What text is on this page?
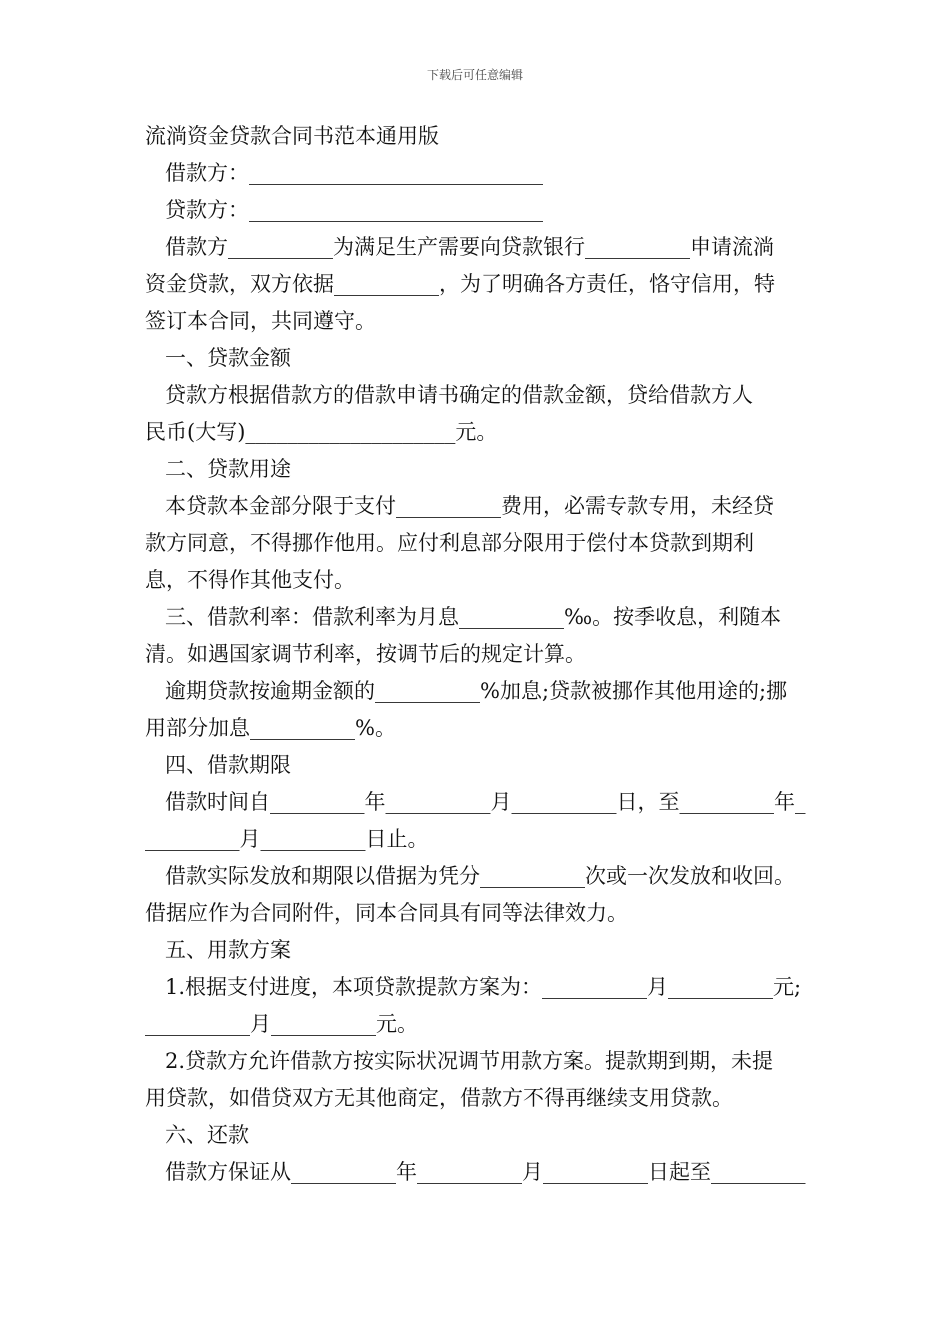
下载后可任意编辑
流淌资金贷款合同书范本通用版
借款方：____________________________
贷款方：____________________________
借款方__________为满足生产需要向贷款银行__________申请流淌
资金贷款，双方依据__________，为了明确各方责任，恪守信用，特
签订本合同，共同遵守。
一、贷款金额
贷款方根据借款方的借款申请书确定的借款金额，贷给借款方人
民币(大写)____________________元。
二、贷款用途
本贷款本金部分限于支付__________费用，必需专款专用，未经贷
款方同意，不得挪作他用。应付利息部分限用于偿付本贷款到期利
息，不得作其他支付。
三、借款利率：借款利率为月息__________‰。按季收息，利随本
清。如遇国家调节利率，按调节后的规定计算。
逾期贷款按逾期金额的__________%加息;贷款被挪作其他用途的;挪
用部分加息__________%。
四、借款期限
借款时间自_________年__________月__________日，至_________年_
_________月__________日止。
借款实际发放和期限以借据为凭分__________次或一次发放和收回。
借据应作为合同附件，同本合同具有同等法律效力。
五、用款方案
1.根据支付进度，本项贷款提款方案为：__________月__________元;
__________月__________元。
2.贷款方允许借款方按实际状况调节用款方案。提款期到期，未提
用贷款，如借贷双方无其他商定，借款方不得再继续支用贷款。
六、还款
借款方保证从__________年__________月__________日起至_________
